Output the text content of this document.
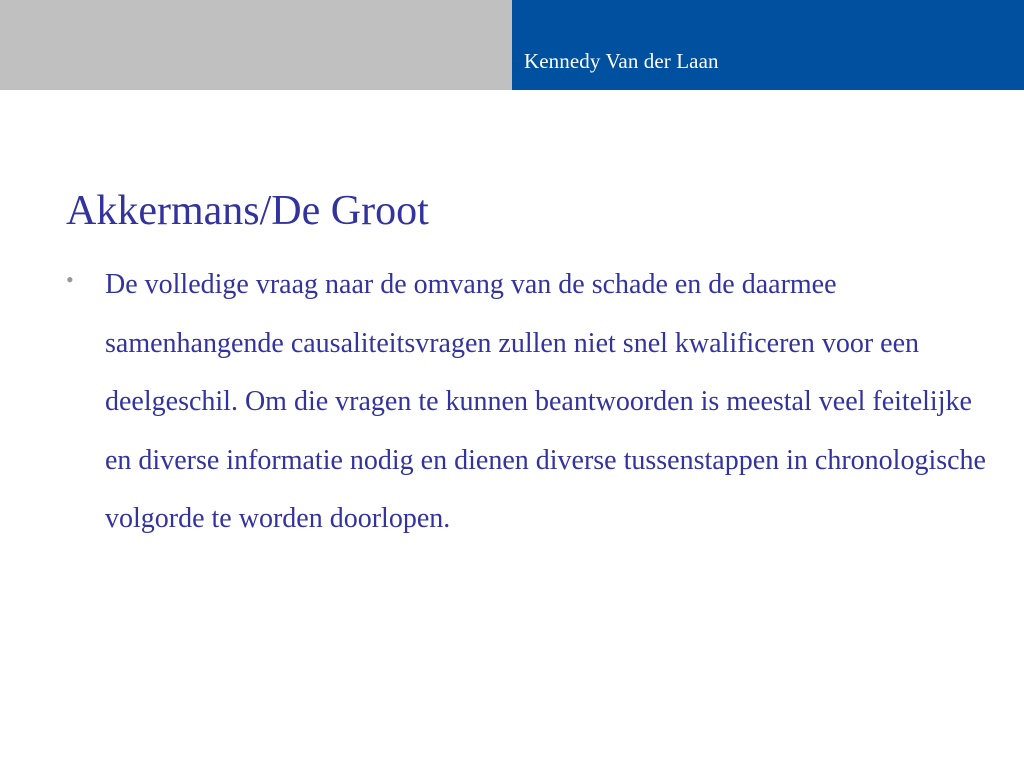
Kennedy Van der Laan
Akkermans/De Groot
• De volledige vraag naar de omvang van de schade en de daarmee samenhangende causaliteitsvragen zullen niet snel kwalificeren voor een deelgeschil. Om die vragen te kunnen beantwoorden is meestal veel feitelijke en diverse informatie nodig en dienen diverse tussenstappen in chronologische volgorde te worden doorlopen.
